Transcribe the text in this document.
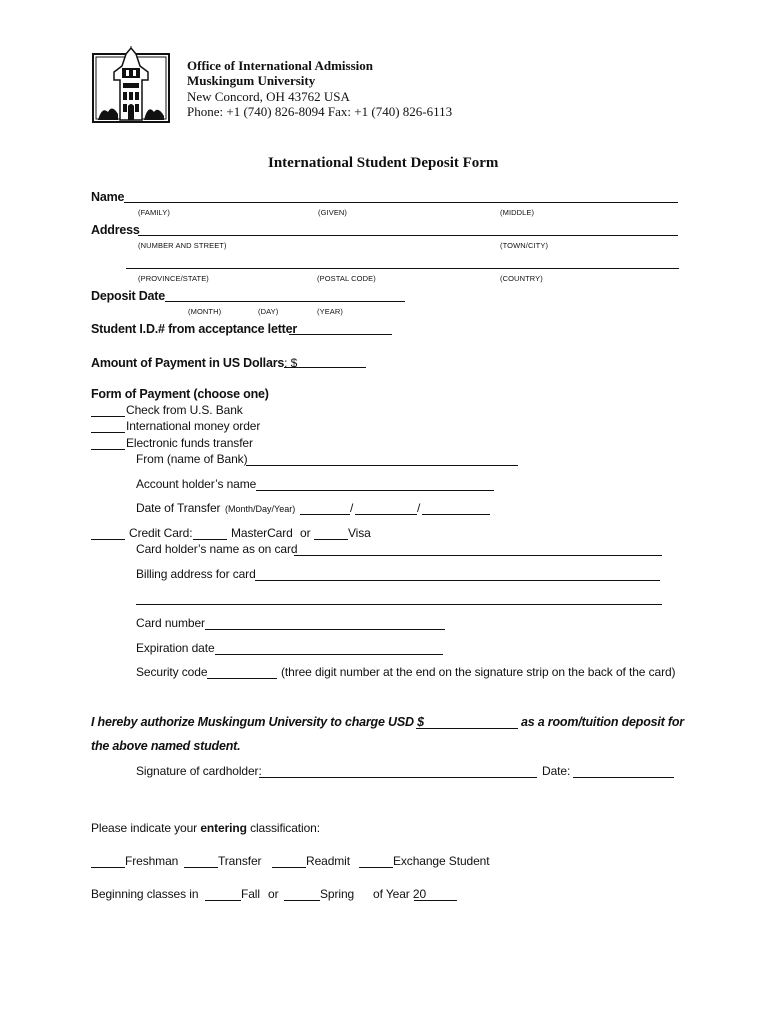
Office of International Admission
Muskingum University
New Concord, OH 43762 USA
Phone: +1 (740) 826-8094 Fax: +1 (740) 826-6113
International Student Deposit Form
Name
(FAMILY)	(GIVEN)	(MIDDLE)
Address
(NUMBER AND STREET)	(TOWN/CITY)
(PROVINCE/STATE)	(POSTAL CODE)	(COUNTRY)
Deposit Date
(MONTH)	(DAY)	(YEAR)
Student I.D.# from acceptance letter
Amount of Payment in US Dollars: $
Form of Payment (choose one)
Check from U.S. Bank
International money order
Electronic funds transfer
From (name of Bank)
Account holder’s name
Date of Transfer (Month/Day/Year)	/	/
Credit Card:	MasterCard or	Visa
Card holder’s name as on card
Billing address for card
Card number
Expiration date
Security code	(three digit number at the end on the signature strip on the back of the card)
I hereby authorize Muskingum University to charge USD $	as a room/tuition deposit for
the above named student.
Signature of cardholder:	Date:
Please indicate your entering classification:
Freshman	Transfer	Readmit	Exchange Student
Beginning classes in	Fall or	Spring of Year 20
